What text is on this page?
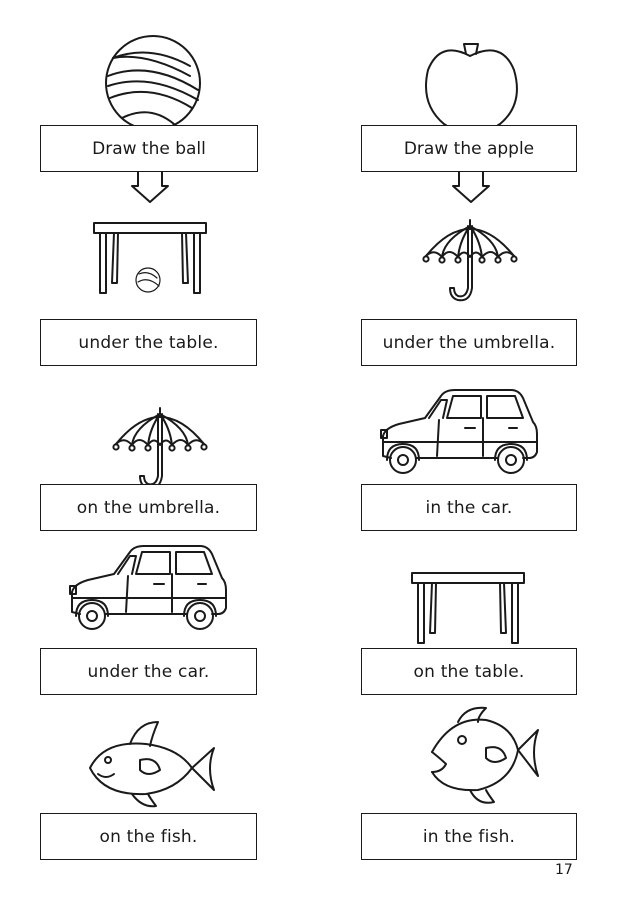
Draw the ball	Draw the apple
under the table.
on the umbrella.
under the car.
on the fish.
under the umbrella.
in the car.
on the table.
in the fish.
17
